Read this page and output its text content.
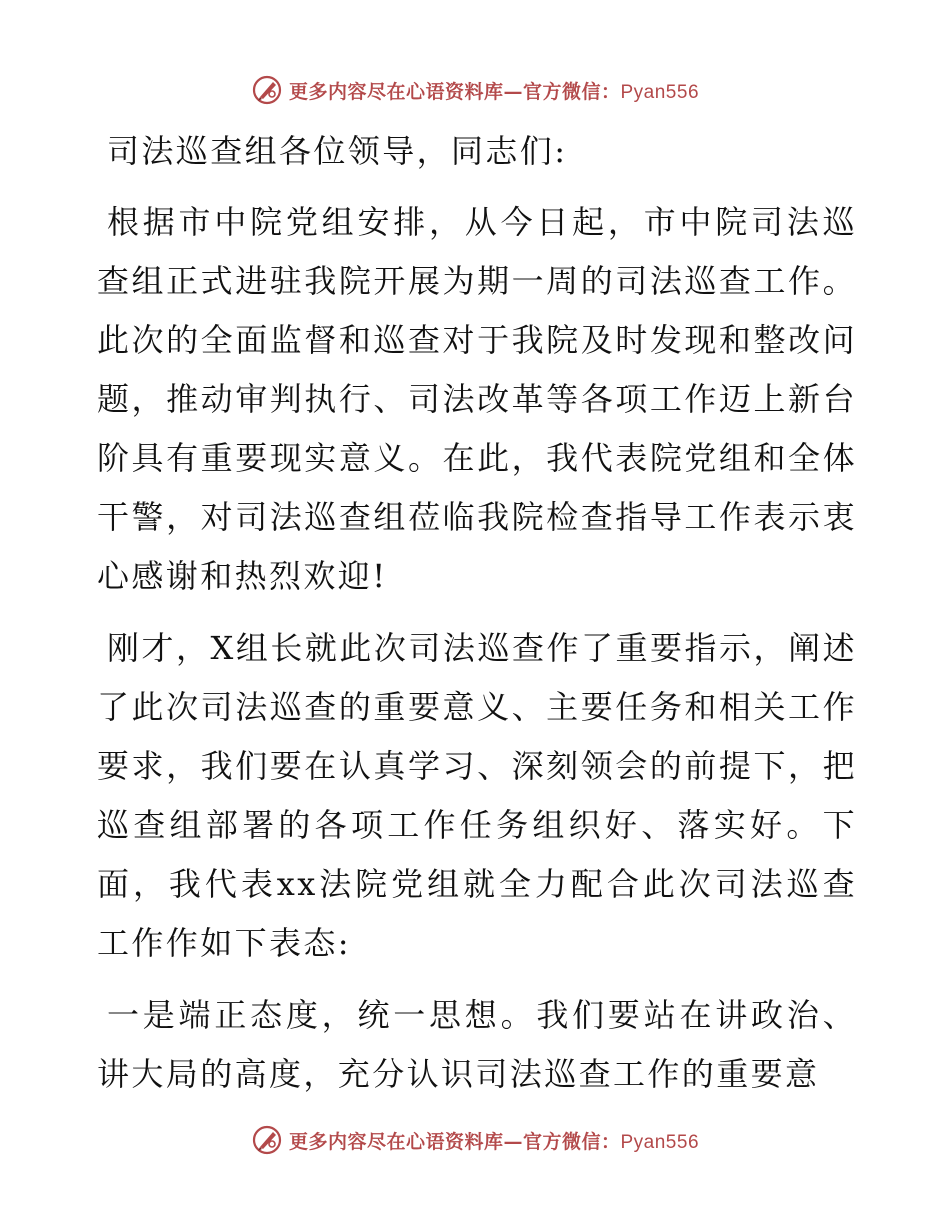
更多内容尽在心语资料库—官方微信：Pyan556

司法巡查组各位领导，同志们:

根据市中院党组安排，从今日起，市中院司法巡查组正式进驻我院开展为期一周的司法巡查工作。此次的全面监督和巡查对于我院及时发现和整改问题，推动审判执行、司法改革等各项工作迈上新台阶具有重要现实意义。在此，我代表院党组和全体干警，对司法巡查组莅临我院检查指导工作表示衷心感谢和热烈欢迎!

刚才，X组长就此次司法巡查作了重要指示，阐述了此次司法巡查的重要意义、主要任务和相关工作要求，我们要在认真学习、深刻领会的前提下，把巡查组部署的各项工作任务组织好、落实好。下面，我代表xx法院党组就全力配合此次司法巡查工作作如下表态:

一是端正态度，统一思想。我们要站在讲政治、讲大局的高度，充分认识司法巡查工作的重要意

更多内容尽在心语资料库—官方微信：Pyan556
